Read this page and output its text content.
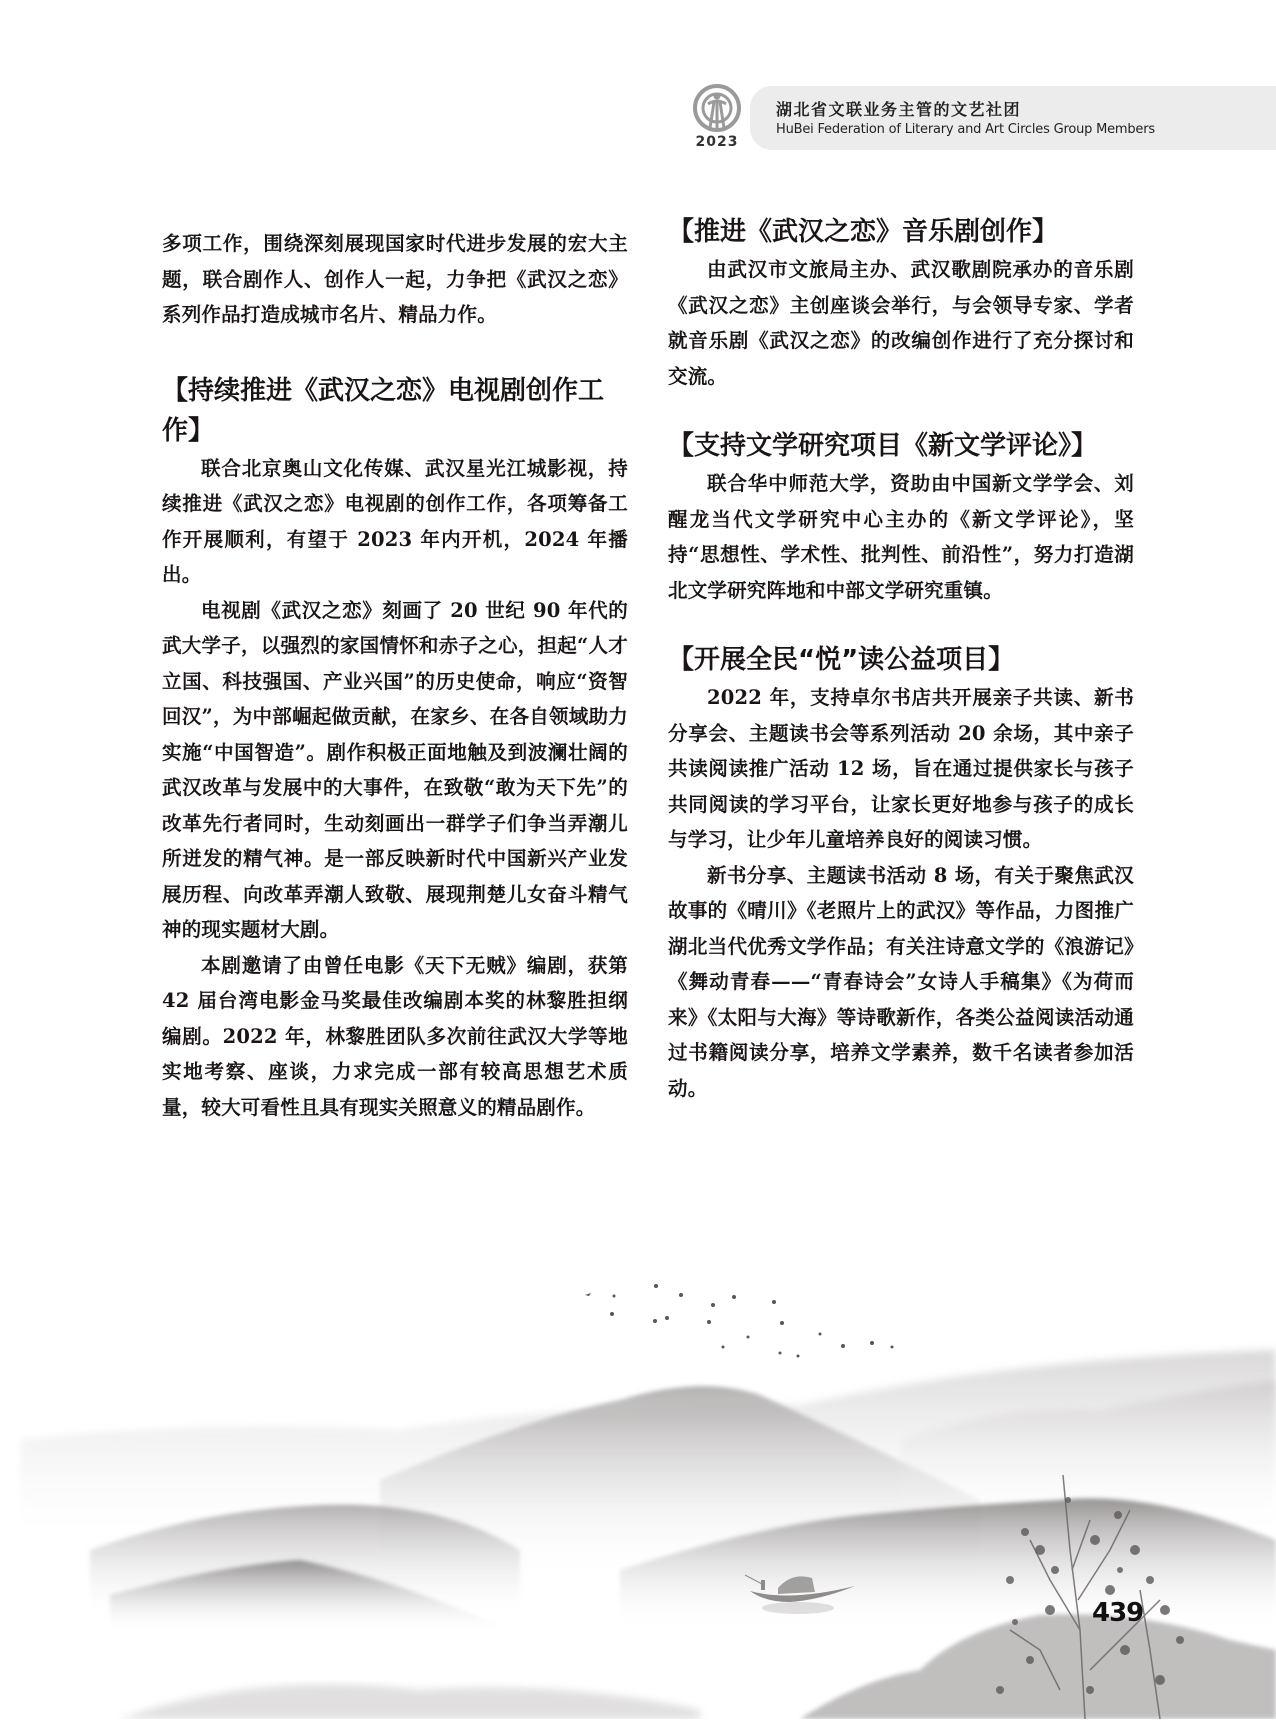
2023
湖北省文联业务主管的文艺社团
HuBei Federation of Literary and Art Circles Group Members

多项工作，围绕深刻展现国家时代进步发展的宏大主题，联合剧作人、创作人一起，力争把《武汉之恋》系列作品打造成城市名片、精品力作。

【持续推进《武汉之恋》电视剧创作工作】

联合北京奥山文化传媒、武汉星光江城影视，持续推进《武汉之恋》电视剧的创作工作，各项筹备工作开展顺利，有望于 2023 年内开机，2024 年播出。

电视剧《武汉之恋》刻画了 20 世纪 90 年代的武大学子，以强烈的家国情怀和赤子之心，担起“人才立国、科技强国、产业兴国”的历史使命，响应“资智回汉”，为中部崛起做贡献，在家乡、在各自领域助力实施“中国智造”。剧作积极正面地触及到波澜壮阔的武汉改革与发展中的大事件，在致敬“敢为天下先”的改革先行者同时，生动刻画出一群学子们争当弄潮儿所迸发的精气神。是一部反映新时代中国新兴产业发展历程、向改革弄潮人致敬、展现荆楚儿女奋斗精气神的现实题材大剧。

本剧邀请了由曾任电影《天下无贼》编剧，获第 42 届台湾电影金马奖最佳改编剧本奖的林黎胜担纲编剧。2022 年，林黎胜团队多次前往武汉大学等地实地考察、座谈，力求完成一部有较高思想艺术质量，较大可看性且具有现实关照意义的精品剧作。

【推进《武汉之恋》音乐剧创作】

由武汉市文旅局主办、武汉歌剧院承办的音乐剧《武汉之恋》主创座谈会举行，与会领导专家、学者就音乐剧《武汉之恋》的改编创作进行了充分探讨和交流。

【支持文学研究项目《新文学评论》】

联合华中师范大学，资助由中国新文学学会、刘醒龙当代文学研究中心主办的《新文学评论》，坚持“思想性、学术性、批判性、前沿性”，努力打造湖北文学研究阵地和中部文学研究重镇。

【开展全民“悦”读公益项目】

2022 年，支持卓尔书店共开展亲子共读、新书分享会、主题读书会等系列活动 20 余场，其中亲子共读阅读推广活动 12 场，旨在通过提供家长与孩子共同阅读的学习平台，让家长更好地参与孩子的成长与学习，让少年儿童培养良好的阅读习惯。

新书分享、主题读书活动 8 场，有关于聚焦武汉故事的《晴川》《老照片上的武汉》等作品，力图推广湖北当代优秀文学作品；有关注诗意文学的《浪游记》《舞动青春——“青春诗会”女诗人手稿集》《为荷而来》《太阳与大海》等诗歌新作，各类公益阅读活动通过书籍阅读分享，培养文学素养，数千名读者参加活动。

439
